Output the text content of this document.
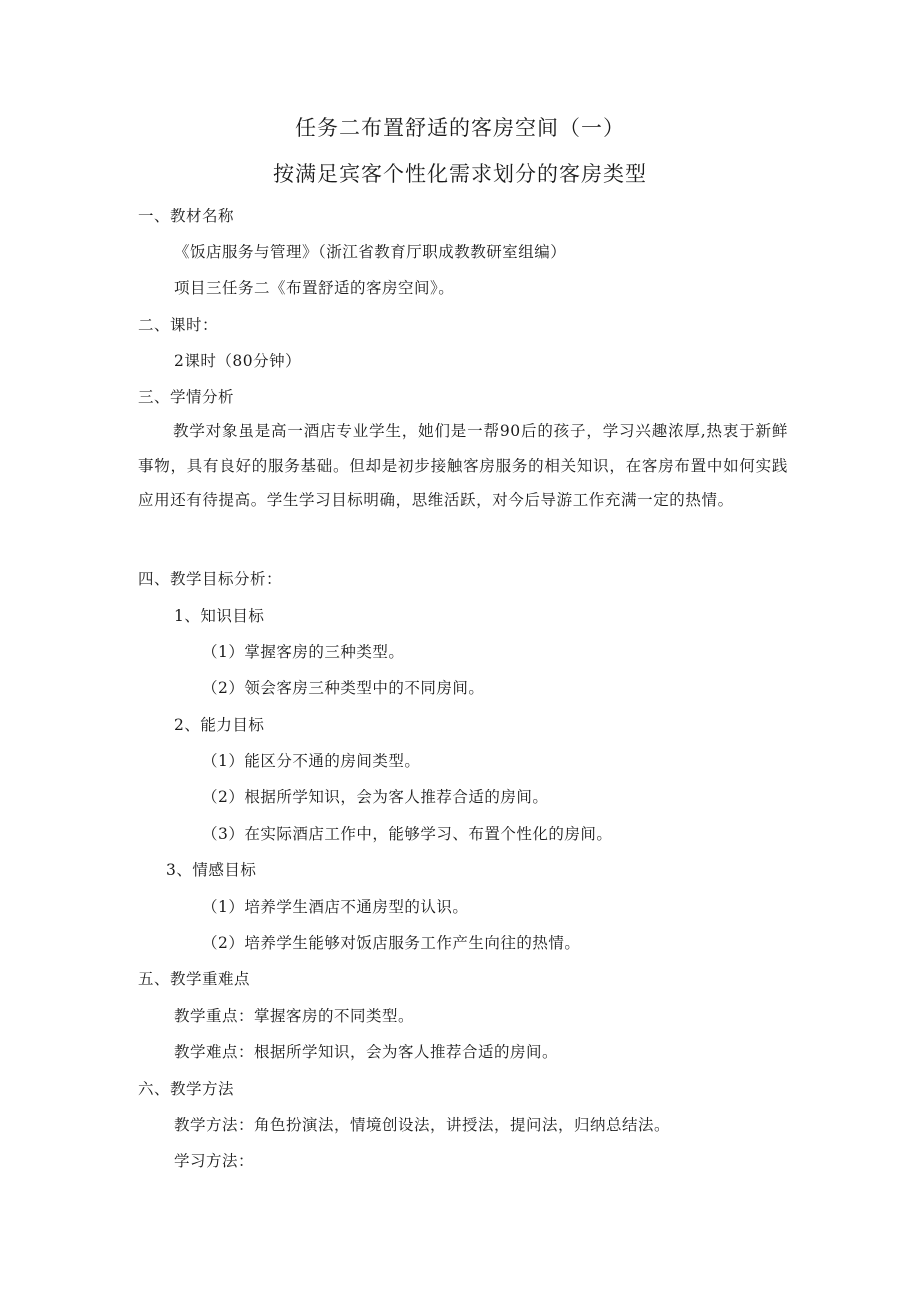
任务二布置舒适的客房空间（一）
按满足宾客个性化需求划分的客房类型
一、教材名称
《饭店服务与管理》（浙江省教育厅职成教教研室组编）
项目三任务二《布置舒适的客房空间》。
二、课时：
2课时（80分钟）
三、学情分析
教学对象虽是高一酒店专业学生，她们是一帮90后的孩子，学习兴趣浓厚,热衷于新鲜事物，具有良好的服务基础。但却是初步接触客房服务的相关知识，在客房布置中如何实践应用还有待提高。学生学习目标明确，思维活跃，对今后导游工作充满一定的热情。
四、教学目标分析：
1、知识目标
（1）掌握客房的三种类型。
（2）领会客房三种类型中的不同房间。
2、能力目标
（1）能区分不通的房间类型。
（2）根据所学知识，会为客人推荐合适的房间。
（3）在实际酒店工作中，能够学习、布置个性化的房间。
3、情感目标
（1）培养学生酒店不通房型的认识。
（2）培养学生能够对饭店服务工作产生向往的热情。
五、教学重难点
教学重点：掌握客房的不同类型。
教学难点：根据所学知识，会为客人推荐合适的房间。
六、教学方法
教学方法：角色扮演法，情境创设法，讲授法，提问法，归纳总结法。
学习方法：
